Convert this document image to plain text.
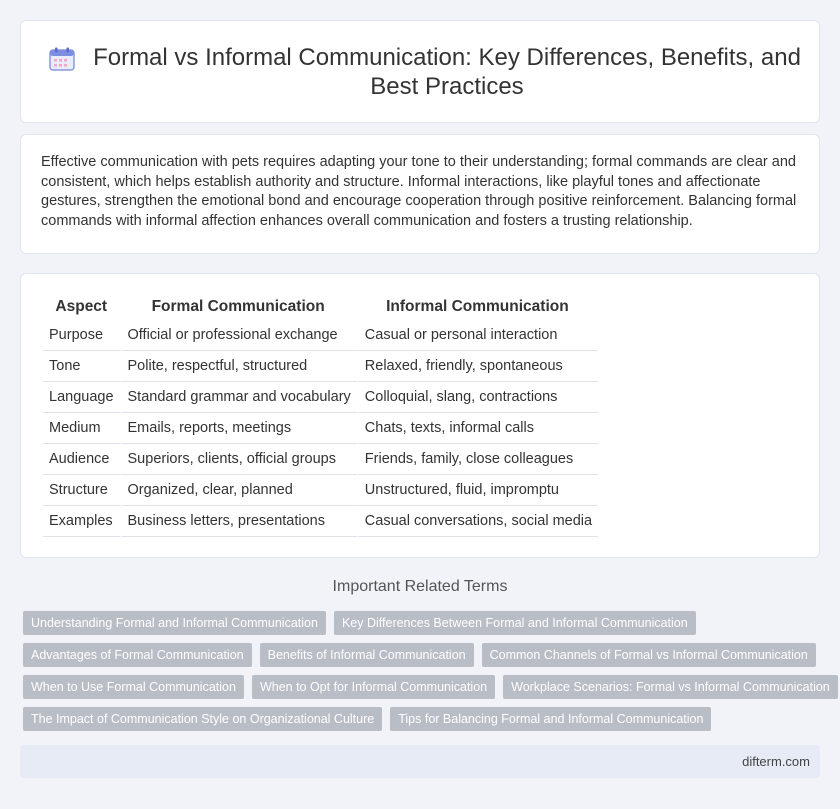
Formal vs Informal Communication: Key Differences, Benefits, and Best Practices

Effective communication with pets requires adapting your tone to their understanding; formal commands are clear and consistent, which helps establish authority and structure. Informal interactions, like playful tones and affectionate gestures, strengthen the emotional bond and encourage cooperation through positive reinforcement. Balancing formal commands with informal affection enhances overall communication and fosters a trusting relationship.

Aspect	Formal Communication	Informal Communication
Purpose	Official or professional exchange	Casual or personal interaction
Tone	Polite, respectful, structured	Relaxed, friendly, spontaneous
Language	Standard grammar and vocabulary	Colloquial, slang, contractions
Medium	Emails, reports, meetings	Chats, texts, informal calls
Audience	Superiors, clients, official groups	Friends, family, close colleagues
Structure	Organized, clear, planned	Unstructured, fluid, impromptu
Examples	Business letters, presentations	Casual conversations, social media
Important Related Terms
Understanding Formal and Informal Communication	Key Differences Between Formal and Informal Communication
Advantages of Formal Communication	Benefits of Informal Communication	Common Channels of Formal vs Informal Communication
When to Use Formal Communication	When to Opt for Informal Communication	Workplace Scenarios: Formal vs Informal Communication
The Impact of Communication Style on Organizational Culture	Tips for Balancing Formal and Informal Communication
difterm.com
